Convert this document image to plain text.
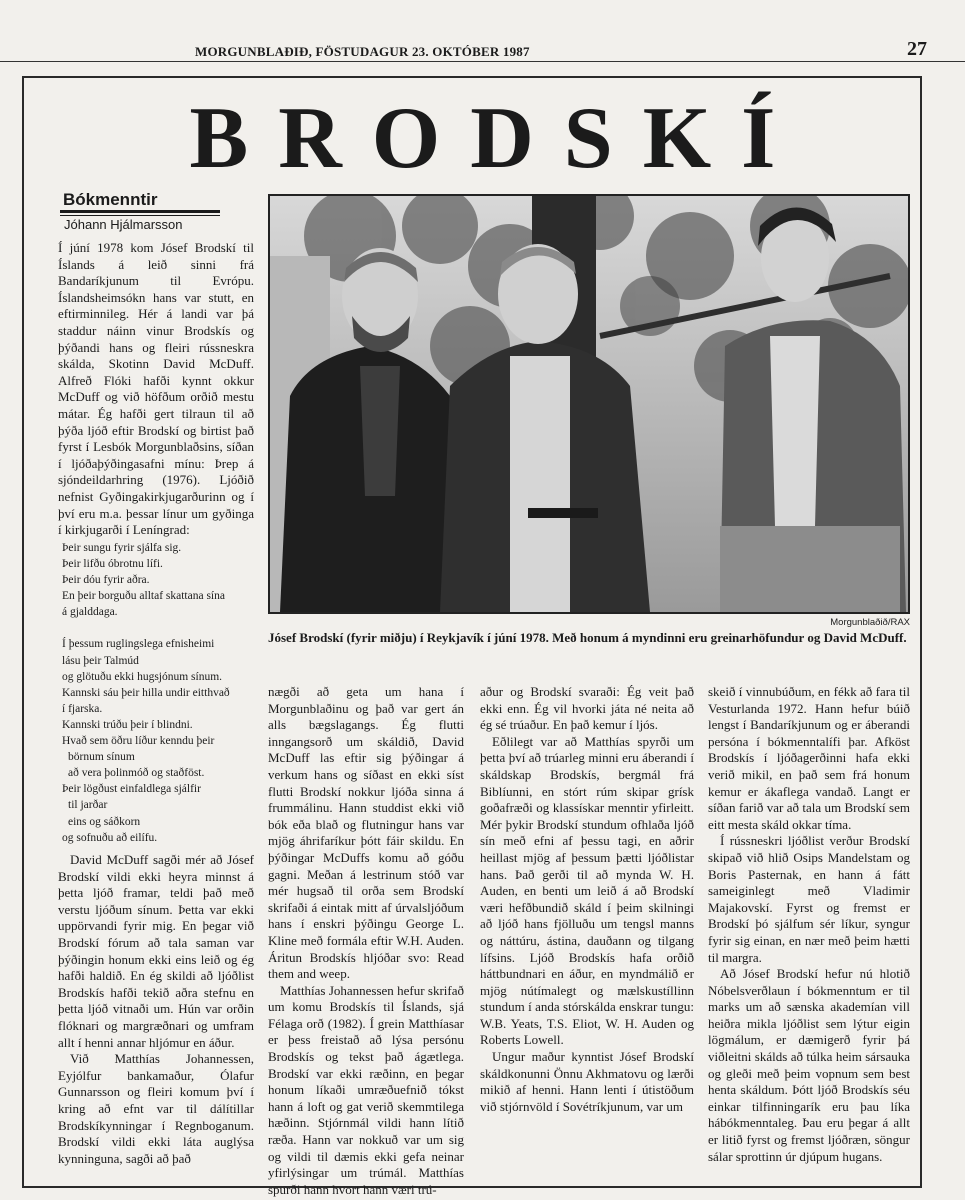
MORGUNBLAÐIÐ, FÖSTUDAGUR 23. OKTÓBER 1987	27
BRODSKÍ
Bókmenntir
Jóhann Hjálmarsson

Í júní 1978 kom Jósef Brodskí til Íslands á leið sinni frá Bandaríkjunum til Evrópu. Íslandsheimsókn hans var stutt, en eftirminnileg. Hér á landi var þá staddur náinn vinur Brodskís og þýðandi hans og fleiri rússneskra skálda, Skotinn David McDuff. Alfreð Flóki hafði kynnt okkur McDuff og við höfðum orðið mestu mátar. Ég hafði gert tilraun til að þýða ljóð eftir Brodskí og birtist það fyrst í Lesbók Morgunblaðsins, síðan í ljóðaþýðingasafni mínu: Þrep á sjóndeildarhring (1976). Ljóðið nefnist Gyðingakirkjugarðurinn og í því eru m.a. þessar línur um gyðinga í kirkjugarði í Leníngrad:

Þeir sungu fyrir sjálfa sig.
Þeir lifðu óbrotnu lífi.
Þeir dóu fyrir aðra.
En þeir borguðu alltaf skattana sína
á gjalddaga.
Í þessum ruglingslega efnisheimi
lásu þeir Talmúd
og glötuðu ekki hugsjónum sínum.
Kannski sáu þeir hilla undir eitthvað
í fjarska.
Kannski trúðu þeir í blindni.
Hvað sem öðru líður kenndu þeir
börnum sínum
að vera þolinmóð og staðföst.
Þeir lögðust einfaldlega sjálfir
til jarðar
eins og sáðkorn
og sofnuðu að eilífu.

David McDuff sagði mér að Jósef Brodskí vildi ekki heyra minnst á þetta ljóð framar, teldi það með verstu ljóðum sínum. Þetta var ekki uppörvandi fyrir mig. En þegar við Brodskí fórum að tala saman var þýðingin honum ekki eins leið og ég hafði haldið. En ég skildi að ljóðlist Brodskís hafði tekið aðra stefnu en þetta ljóð vitnaði um. Hún var orðin flóknari og margræðnari og umfram allt í henni annar hljómur en áður.

Við Matthías Johannessen, Eyjólfur bankamaður, Ólafur Gunnarsson og fleiri komum því í kring að efnt var til dálítillar Brodskíkynningar í Regnboganum. Brodskí vildi ekki láta auglýsa kynninguna, sagði að það

Morgunblaðið/RAX
Jósef Brodskí (fyrir miðju) í Reykjavík í júní 1978. Með honum á myndinni eru greinarhöfundur og David McDuff.

nægði að geta um hana í Morgunblaðinu og það var gert án alls bægslagangs. Ég flutti inngangsorð um skáldið, David McDuff las eftir sig þýðingar á verkum hans og síðast en ekki síst flutti Brodskí nokkur ljóða sinna á frummálinu. Hann studdist ekki við bók eða blað og flutningur hans var mjög áhrifaríkur þótt fáir skildu. En þýðingar McDuffs komu að góðu gagni. Meðan á lestrinum stóð var mér hugsað til orða sem Brodskí skrifaði á eintak mitt af úrvalsljóðum hans í enskri þýðingu George L. Kline með formála eftir W.H. Auden. Áritun Brodskís hljóðar svo: Read them and weep.

Matthías Johannessen hefur skrifað um komu Brodskís til Íslands, sjá Félaga orð (1982). Í grein Matthíasar er þess freistað að lýsa persónu Brodskís og tekst það ágætlega. Brodskí var ekki ræðinn, en þegar honum líkaði umræðuefnið tókst hann á loft og gat verið skemmtilega hæðinn. Stjórnmál vildi hann lítið ræða. Hann var nokkuð var um sig og vildi til dæmis ekki gefa neinar yfirlýsingar um trúmál. Matthías spurði hann hvort hann væri trú-

aður og Brodskí svaraði: Ég veit það ekki enn. Ég vil hvorki játa né neita að ég sé trúaður. En það kemur í ljós.

Eðlilegt var að Matthías spyrði um þetta því að trúarleg minni eru áberandi í skáldskap Brodskís, bergmál frá Biblíunni, en stórt rúm skipar grísk goðafræði og klassískar menntir yfirleitt. Mér þykir Brodskí stundum ofhlaða ljóð sín með efni af þessu tagi, en aðrir heillast mjög af þessum þætti ljóðlistar hans. Það gerði til að mynda W. H. Auden, en benti um leið á að Brodskí væri hefðbundið skáld í þeim skilningi að ljóð hans fjölluðu um tengsl manns og náttúru, ástina, dauðann og tilgang lífsins. Ljóð Brodskís hafa orðið háttbundnari en áður, en myndmálið er mjög nútímalegt og mælskustíllinn stundum í anda stórskálda enskrar tungu: W.B. Yeats, T.S. Eliot, W. H. Auden og Roberts Lowell.

Ungur maður kynntist Jósef Brodskí skáldkonunni Önnu Akhmatovu og lærði mikið af henni. Hann lenti í útistöðum við stjórnvöld í Sovétríkjunum, var um

skeið í vinnubúðum, en fékk að fara til Vesturlanda 1972. Hann hefur búið lengst í Bandaríkjunum og er áberandi persóna í bókmenntalífi þar. Afköst Brodskís í ljóðagerðinni hafa ekki verið mikil, en það sem frá honum kemur er ákaflega vandað. Langt er síðan farið var að tala um Brodskí sem eitt mesta skáld okkar tíma.

Í rússneskri ljóðlist verður Brodskí skipað við hlið Osips Mandelstam og Boris Pasternak, en hann á fátt sameiginlegt með Vladimir Majakovskí. Fyrst og fremst er Brodskí þó sjálfum sér líkur, syngur fyrir sig einan, en nær með þeim hætti til margra.

Að Jósef Brodskí hefur nú hlotið Nóbelsverðlaun í bókmenntum er til marks um að sænska akademían vill heiðra mikla ljóðlist sem lýtur eigin lögmálum, er dæmigerð fyrir þá viðleitni skálds að túlka heim sársauka og gleði með þeim vopnum sem best henta skáldum. Þótt ljóð Brodskís séu einkar tilfinningarík eru þau líka hábókmenntaleg. Þau eru þegar á allt er litið fyrst og fremst ljóðræn, söngur sálar sprottinn úr djúpum hugans.
